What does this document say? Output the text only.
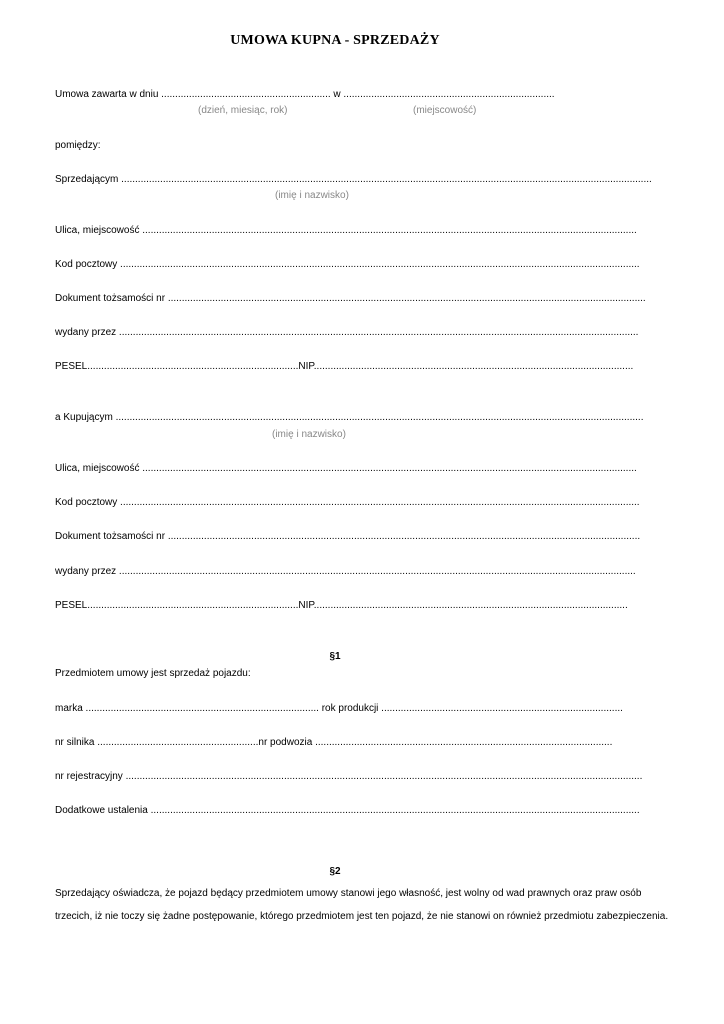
UMOWA KUPNA - SPRZEDAŻY
Umowa zawarta w dniu ............................................................. w ............................................................................
(dzień, miesiąc, rok)	(miejscowość)
pomiędzy:
Sprzedającym ...............................................................................................................................................................................................
(imię i nazwisko)
Ulica, miejscowość ..................................................................................................................................................................................
Kod pocztowy ...........................................................................................................................................................................................
Dokument tożsamości nr ............................................................................................................................................................................
wydany przez ...........................................................................................................................................................................................
PESEL............................................................................NIP...................................................................................................................
a Kupującym ..............................................................................................................................................................................................
(imię i nazwisko)
Ulica, miejscowość ..................................................................................................................................................................................
Kod pocztowy ...........................................................................................................................................................................................
Dokument tożsamości nr ..........................................................................................................................................................................
wydany przez ..........................................................................................................................................................................................
PESEL............................................................................NIP.................................................................................................................
§1
Przedmiotem umowy jest sprzedaż pojazdu:
marka .................................................................................... rok produkcji .......................................................................................
nr silnika ..........................................................nr podwozia ...........................................................................................................
nr rejestracyjny ..........................................................................................................................................................................................
Dodatkowe ustalenia ................................................................................................................................................................................
§2
Sprzedający oświadcza, że pojazd będący przedmiotem umowy stanowi jego własność, jest wolny od wad prawnych oraz praw osób trzecich, iż nie toczy się żadne postępowanie, którego przedmiotem jest ten pojazd, że nie stanowi on również przedmiotu zabezpieczenia.
